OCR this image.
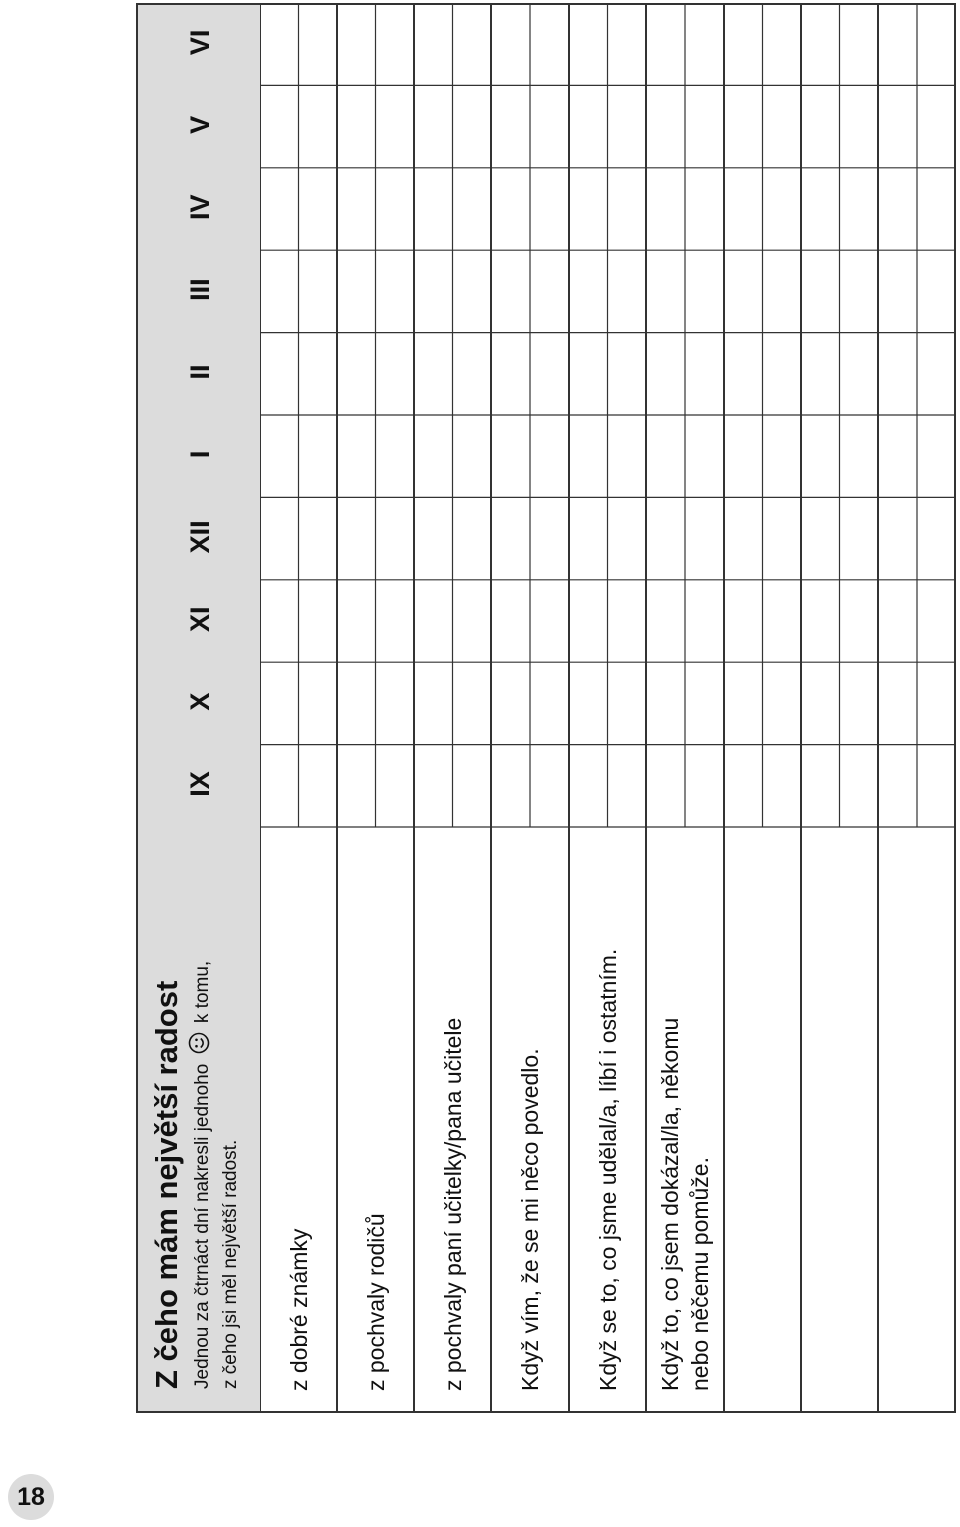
Z čeho mám největší radost Jednou za čtrnáct dní nakresli jednoho  k tomu,
z čeho jsi měl největší radost.
IX
X
XI
XII
I
II
III
IV
V
VI
z dobré známky z pochvaly rodičů z pochvaly paní učitelky/pana učitele Když vím, že se mi něco povedlo. Když se to, co jsme udělal/a, líbí i ostatním. Když to, co jsem dokázal/la, někomu nebo něčemu pomůže.
18
